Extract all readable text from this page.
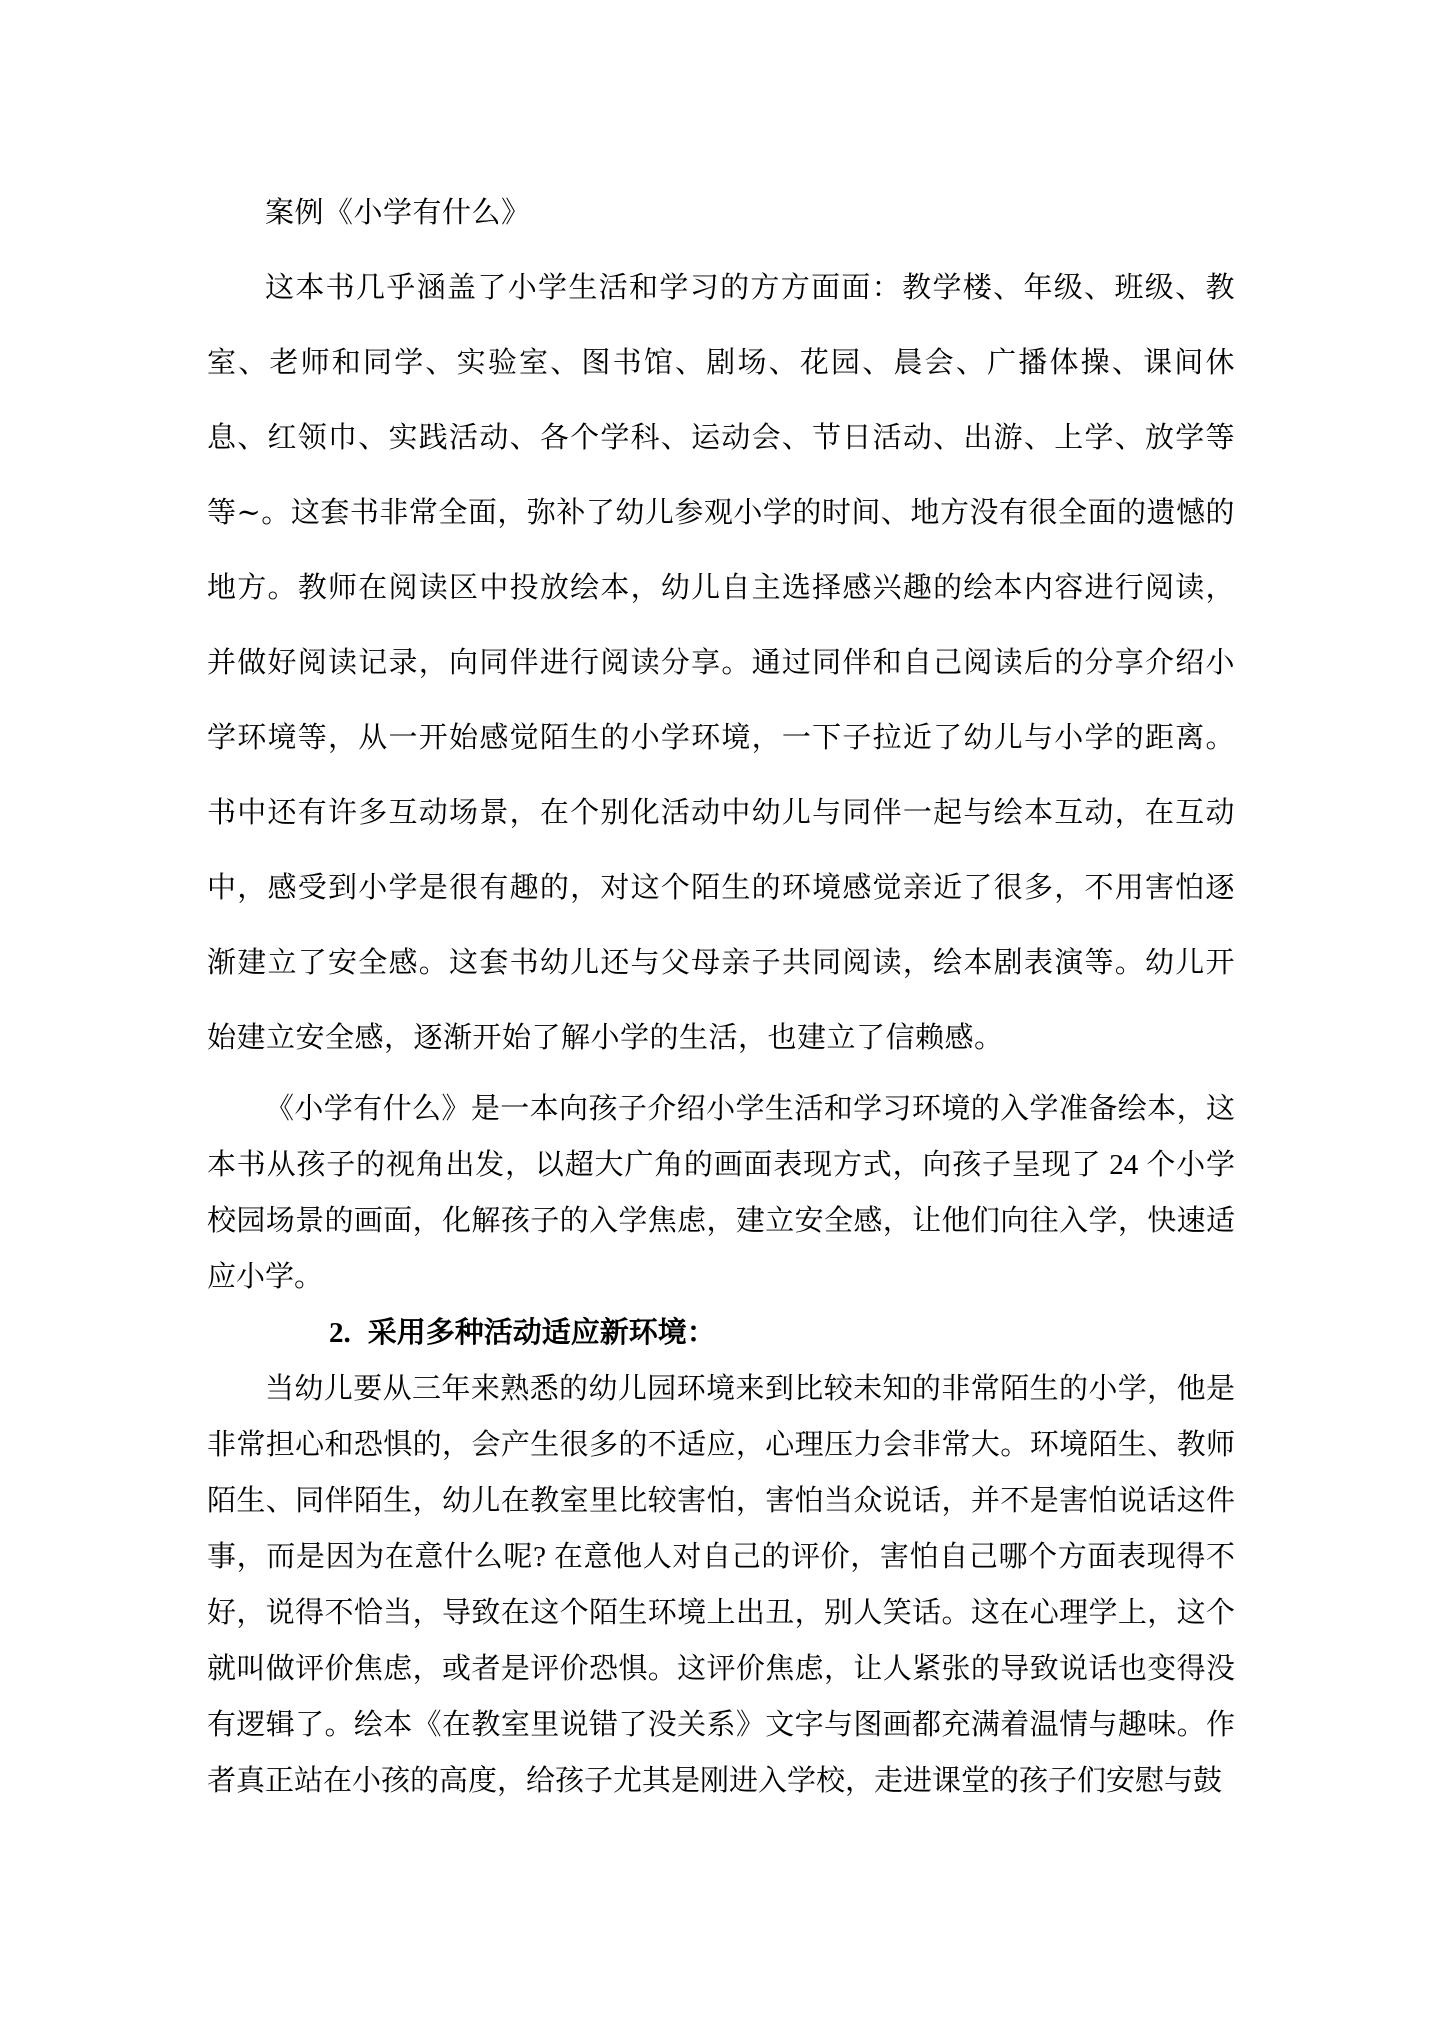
案例《小学有什么》

这本书几乎涵盖了小学生活和学习的方方面面：教学楼、年级、班级、教室、老师和同学、实验室、图书馆、剧场、花园、晨会、广播体操、课间休息、红领巾、实践活动、各个学科、运动会、节日活动、出游、上学、放学等等~。这套书非常全面，弥补了幼儿参观小学的时间、地方没有很全面的遗憾的地方。教师在阅读区中投放绘本，幼儿自主选择感兴趣的绘本内容进行阅读，并做好阅读记录，向同伴进行阅读分享。通过同伴和自己阅读后的分享介绍小学环境等，从一开始感觉陌生的小学环境，一下子拉近了幼儿与小学的距离。书中还有许多互动场景，在个别化活动中幼儿与同伴一起与绘本互动，在互动中，感受到小学是很有趣的，对这个陌生的环境感觉亲近了很多，不用害怕逐渐建立了安全感。这套书幼儿还与父母亲子共同阅读，绘本剧表演等。幼儿开始建立安全感，逐渐开始了解小学的生活，也建立了信赖感。

《小学有什么》是一本向孩子介绍小学生活和学习环境的入学准备绘本，这本书从孩子的视角出发，以超大广角的画面表现方式，向孩子呈现了 24 个小学校园场景的画面，化解孩子的入学焦虑，建立安全感，让他们向往入学，快速适应小学。

2. 采用多种活动适应新环境：

当幼儿要从三年来熟悉的幼儿园环境来到比较未知的非常陌生的小学，他是非常担心和恐惧的，会产生很多的不适应，心理压力会非常大。环境陌生、教师陌生、同伴陌生，幼儿在教室里比较害怕，害怕当众说话，并不是害怕说话这件事，而是因为在意什么呢? 在意他人对自己的评价，害怕自己哪个方面表现得不好，说得不恰当，导致在这个陌生环境上出丑，别人笑话。这在心理学上，这个就叫做评价焦虑，或者是评价恐惧。这评价焦虑，让人紧张的导致说话也变得没有逻辑了。绘本《在教室里说错了没关系》文字与图画都充满着温情与趣味。作者真正站在小孩的高度，给孩子尤其是刚进入学校，走进课堂的孩子们安慰与鼓
